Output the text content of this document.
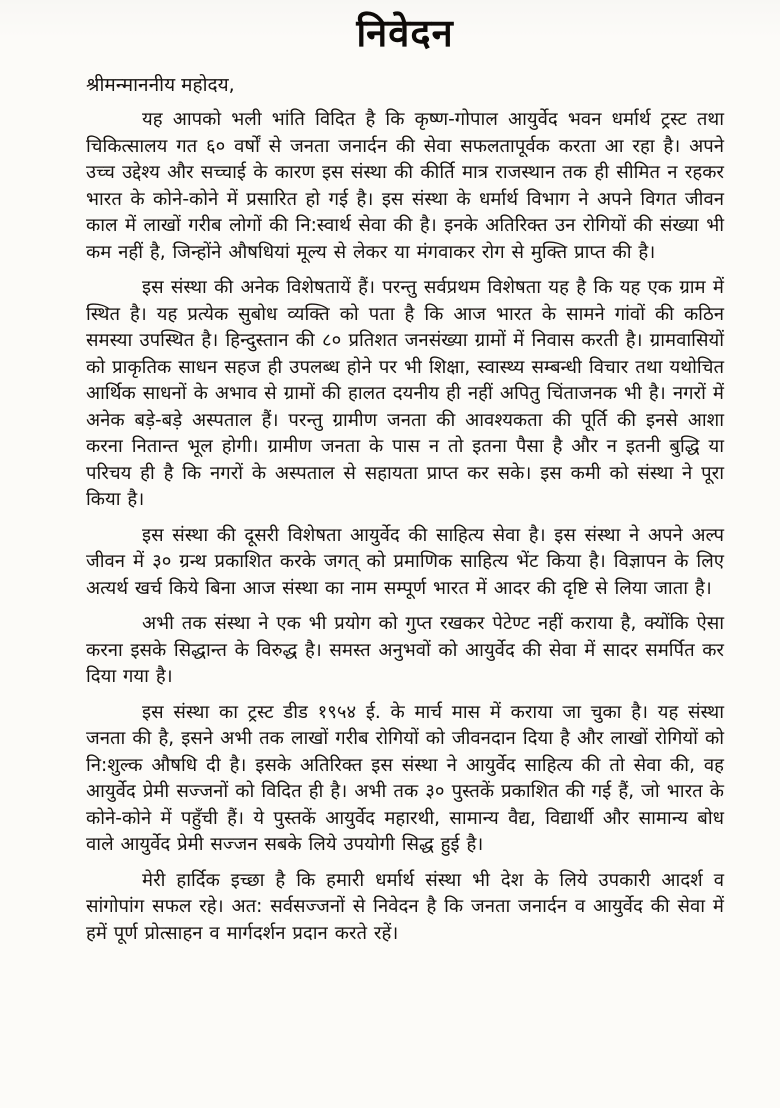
निवेदन

श्रीमन्माननीय महोदय,

यह आपको भली भांति विदित है कि कृष्ण-गोपाल आयुर्वेद भवन धर्मार्थ ट्रस्ट तथा चिकित्सालय गत ६० वर्षों से जनता जनार्दन की सेवा सफलतापूर्वक करता आ रहा है। अपने उच्च उद्देश्य और सच्चाई के कारण इस संस्था की कीर्ति मात्र राजस्थान तक ही सीमित न रहकर भारत के कोने-कोने में प्रसारित हो गई है। इस संस्था के धर्मार्थ विभाग ने अपने विगत जीवन काल में लाखों गरीब लोगों की नि:स्वार्थ सेवा की है। इनके अतिरिक्त उन रोगियों की संख्या भी कम नहीं है, जिन्होंने औषधियां मूल्य से लेकर या मंगवाकर रोग से मुक्ति प्राप्त की है।

इस संस्था की अनेक विशेषतायें हैं। परन्तु सर्वप्रथम विशेषता यह है कि यह एक ग्राम में स्थित है। यह प्रत्येक सुबोध व्यक्ति को पता है कि आज भारत के सामने गांवों की कठिन समस्या उपस्थित है। हिन्दुस्तान की ८० प्रतिशत जनसंख्या ग्रामों में निवास करती है। ग्रामवासियों को प्राकृतिक साधन सहज ही उपलब्ध होने पर भी शिक्षा, स्वास्थ्य सम्बन्धी विचार तथा यथोचित आर्थिक साधनों के अभाव से ग्रामों की हालत दयनीय ही नहीं अपितु चिंताजनक भी है। नगरों में अनेक बड़े-बड़े अस्पताल हैं। परन्तु ग्रामीण जनता की आवश्यकता की पूर्ति की इनसे आशा करना नितान्त भूल होगी। ग्रामीण जनता के पास न तो इतना पैसा है और न इतनी बुद्धि या परिचय ही है कि नगरों के अस्पताल से सहायता प्राप्त कर सके। इस कमी को संस्था ने पूरा किया है।

इस संस्था की दूसरी विशेषता आयुर्वेद की साहित्य सेवा है। इस संस्था ने अपने अल्प जीवन में ३० ग्रन्थ प्रकाशित करके जगत् को प्रमाणिक साहित्य भेंट किया है। विज्ञापन के लिए अत्यर्थ खर्च किये बिना आज संस्था का नाम सम्पूर्ण भारत में आदर की दृष्टि से लिया जाता है।

अभी तक संस्था ने एक भी प्रयोग को गुप्त रखकर पेटेण्ट नहीं कराया है, क्योंकि ऐसा करना इसके सिद्धान्त के विरुद्ध है। समस्त अनुभवों को आयुर्वेद की सेवा में सादर समर्पित कर दिया गया है।

इस संस्था का ट्रस्ट डीड १९५४ ई. के मार्च मास में कराया जा चुका है। यह संस्था जनता की है, इसने अभी तक लाखों गरीब रोगियों को जीवनदान दिया है और लाखों रोगियों को नि:शुल्क औषधि दी है। इसके अतिरिक्त इस संस्था ने आयुर्वेद साहित्य की तो सेवा की, वह आयुर्वेद प्रेमी सज्जनों को विदित ही है। अभी तक ३० पुस्तकें प्रकाशित की गई हैं, जो भारत के कोने-कोने में पहुँची हैं। ये पुस्तकें आयुर्वेद महारथी, सामान्य वैद्य, विद्यार्थी और सामान्य बोध वाले आयुर्वेद प्रेमी सज्जन सबके लिये उपयोगी सिद्ध हुई है।

मेरी हार्दिक इच्छा है कि हमारी धर्मार्थ संस्था भी देश के लिये उपकारी आदर्श व सांगोपांग सफल रहे। अत: सर्वसज्जनों से निवेदन है कि जनता जनार्दन व आयुर्वेद की सेवा में हमें पूर्ण प्रोत्साहन व मार्गदर्शन प्रदान करते रहें।
